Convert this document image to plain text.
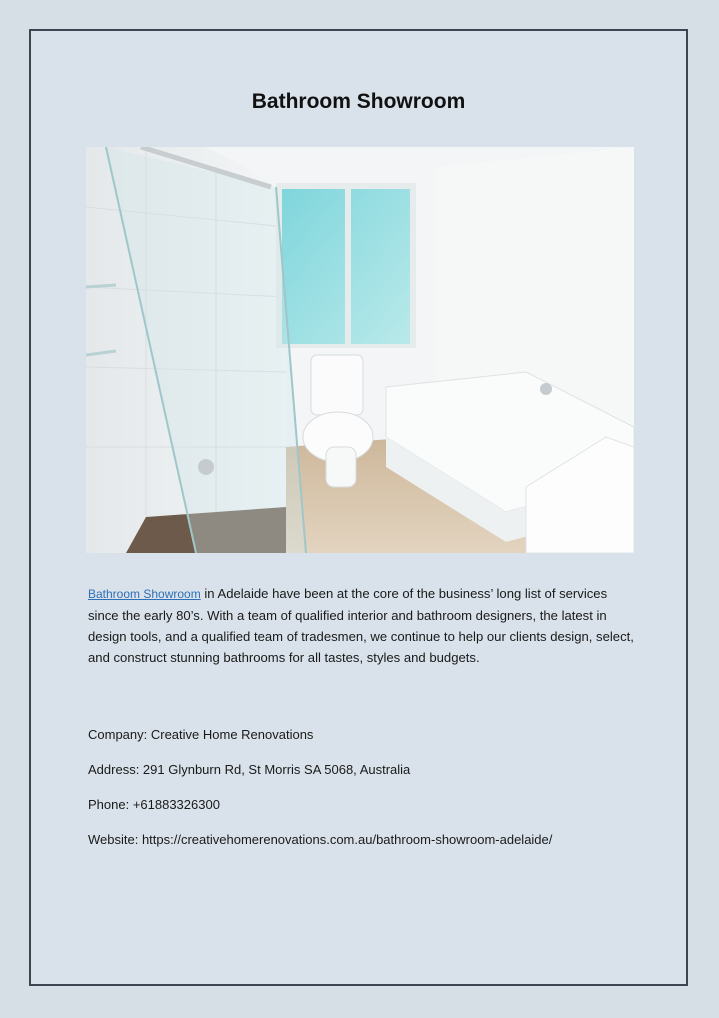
Bathroom Showroom
Bathroom Showroom in Adelaide have been at the core of the business’ long list of services since the early 80’s. With a team of qualified interior and bathroom designers, the latest in design tools, and a qualified team of tradesmen, we continue to help our clients design, select, and construct stunning bathrooms for all tastes, styles and budgets.
Company: Creative Home Renovations
Address: 291 Glynburn Rd, St Morris SA 5068, Australia
Phone: +61883326300
Website: https://creativehomerenovations.com.au/bathroom-showroom-adelaide/
